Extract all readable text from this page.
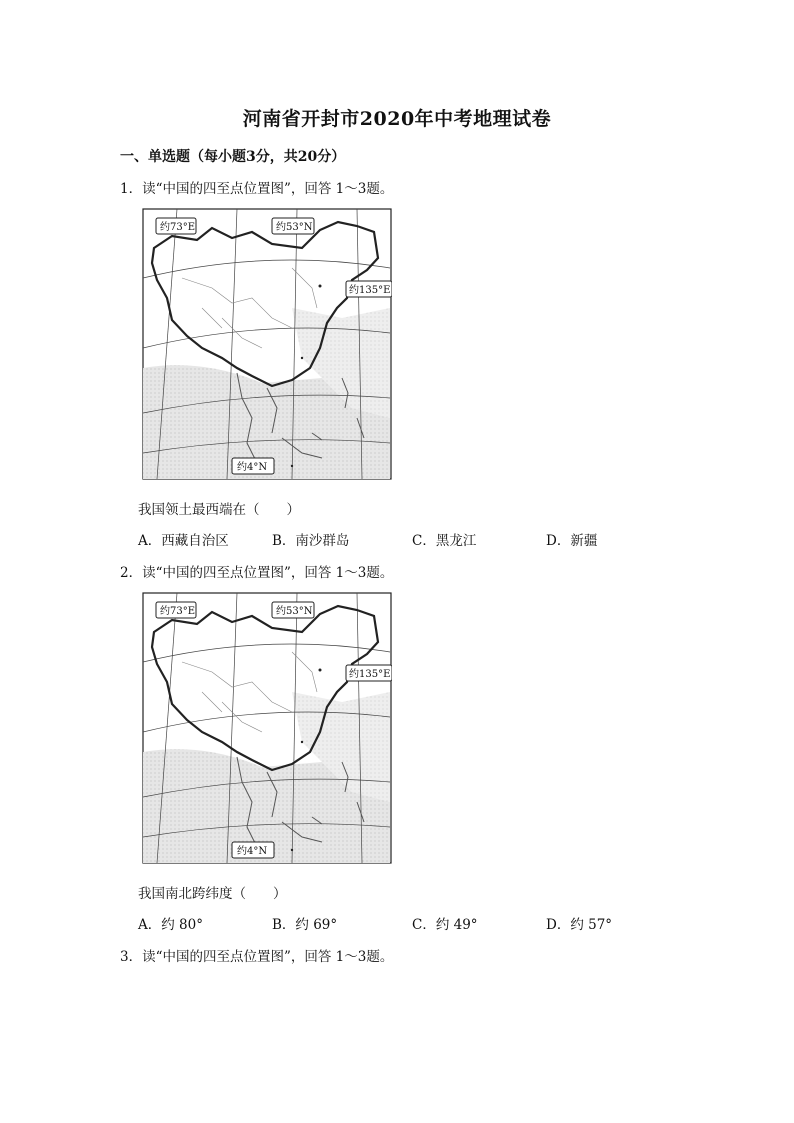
河南省开封市2020年中考地理试卷
一、单选题（每小题3分，共20分）
1．读“中国的四至点位置图”，回答 1～3题。
约73°E	约53°N
约135°E
约4°N
我国领土最西端在（　　）
A．西藏自治区	B．南沙群岛	C．黑龙江	D．新疆
2．读“中国的四至点位置图”，回答 1～3题。
约73°E	约53°N
约135°E
约4°N
我国南北跨纬度（　　）
A．约 80°	B．约 69°	C．约 49°	D．约 57°
3．读“中国的四至点位置图”，回答 1～3题。
